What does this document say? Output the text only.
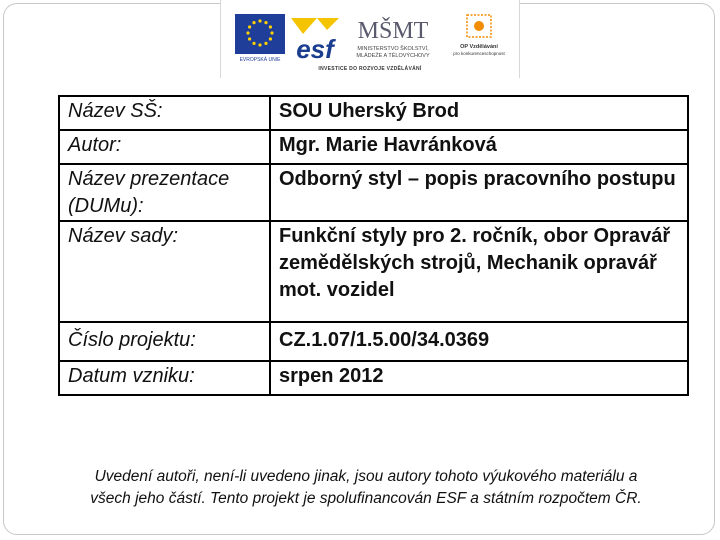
EVROPSKÁ UNIE esf
MŠMT
MINISTERSTVO ŠKOLSTVÍ,
MLÁDEŽE A TĚLOVÝCHOVY
OP Vzdělávání
pro konkurenceschopnost
INVESTICE DO ROZVOJE VZDĚLÁVÁNÍ
Název SŠ:	SOU Uherský Brod
Autor:	Mgr. Marie Havránková
Název prezentace (DUMu):	Odborný styl – popis pracovního postupu
Název sady:	Funkční styly pro 2. ročník, obor Opravář zemědělských strojů, Mechanik opravář mot. vozidel
Číslo projektu:	CZ.1.07/1.5.00/34.0369
Datum vzniku:	srpen 2012
Uvedení autoři, není-li uvedeno jinak, jsou autory tohoto výukového materiálu a
všech jeho částí. Tento projekt je spolufinancován ESF a státním rozpočtem ČR.
